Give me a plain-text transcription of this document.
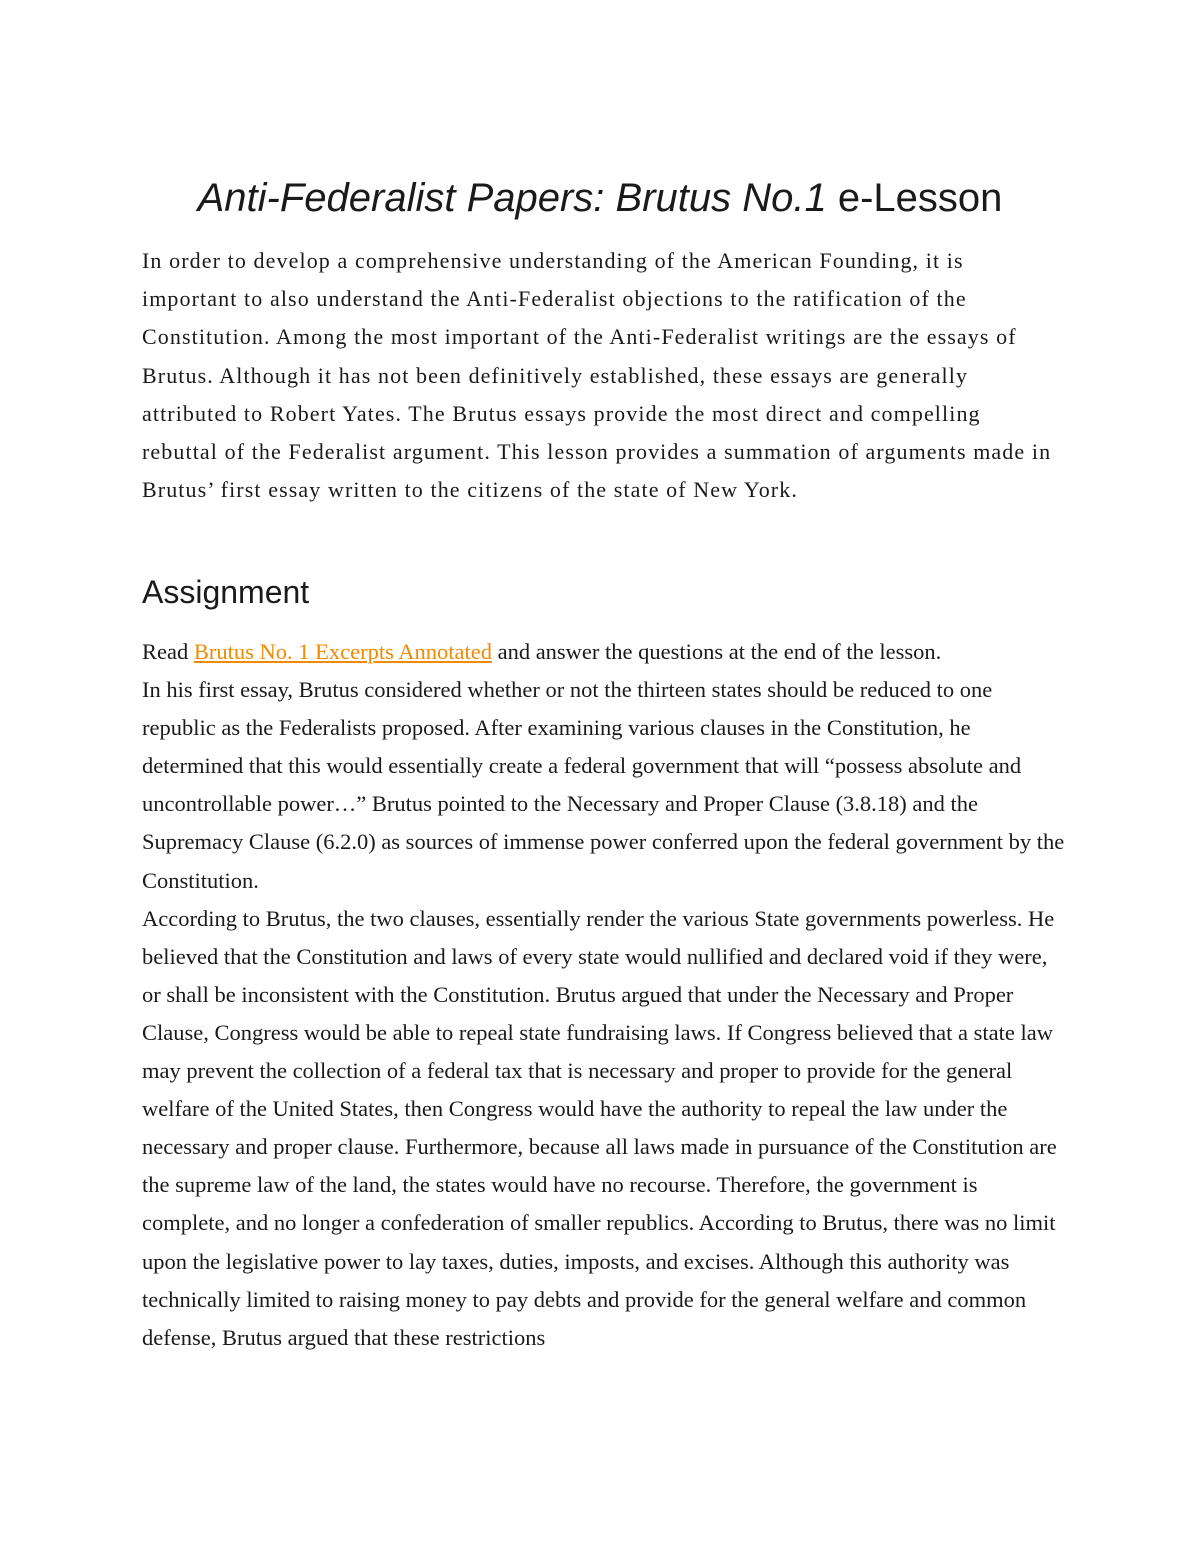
Anti-Federalist Papers: Brutus No.1 e-Lesson

In order to develop a comprehensive understanding of the American Founding, it is important to also understand the Anti-Federalist objections to the ratification of the Constitution. Among the most important of the Anti-Federalist writings are the essays of Brutus. Although it has not been definitively established, these essays are generally attributed to Robert Yates. The Brutus essays provide the most direct and compelling rebuttal of the Federalist argument. This lesson provides a summation of arguments made in Brutus’ first essay written to the citizens of the state of New York.

Assignment

Read Brutus No. 1 Excerpts Annotated and answer the questions at the end of the lesson.

In his first essay, Brutus considered whether or not the thirteen states should be reduced to one republic as the Federalists proposed. After examining various clauses in the Constitution, he determined that this would essentially create a federal government that will “possess absolute and uncontrollable power…” Brutus pointed to the Necessary and Proper Clause (3.8.18) and the Supremacy Clause (6.2.0) as sources of immense power conferred upon the federal government by the Constitution.

According to Brutus, the two clauses, essentially render the various State governments powerless. He believed that the Constitution and laws of every state would nullified and declared void if they were, or shall be inconsistent with the Constitution. Brutus argued that under the Necessary and Proper Clause, Congress would be able to repeal state fundraising laws. If Congress believed that a state law may prevent the collection of a federal tax that is necessary and proper to provide for the general welfare of the United States, then Congress would have the authority to repeal the law under the necessary and proper clause. Furthermore, because all laws made in pursuance of the Constitution are the supreme law of the land, the states would have no recourse. Therefore, the government is complete, and no longer a confederation of smaller republics. According to Brutus, there was no limit upon the legislative power to lay taxes, duties, imposts, and excises. Although this authority was technically limited to raising money to pay debts and provide for the general welfare and common defense, Brutus argued that these restrictions
